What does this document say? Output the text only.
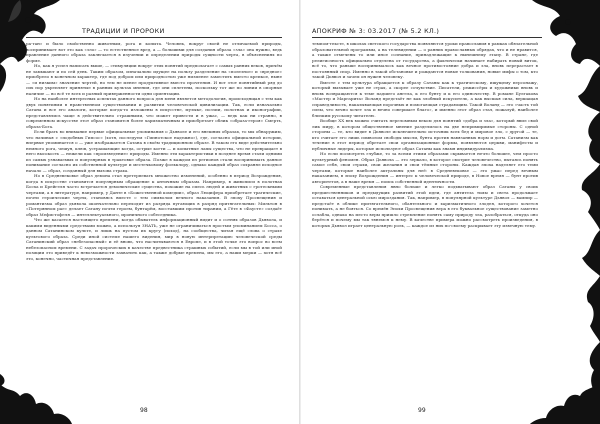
ТРАДИЦИИ И ПРОРОКИ

ра-тан» и было свойственно животным, рога и копыта. Человек, вокруг своей не отличаемой природы, воспринимает вот это как «зло» — то естественное вред, а — большими для создания образа «зла» она нужно, ведь правление данного образа заключается в изучении и определении природы сущности черта, в объяснениях по форме.

Но, как я успел написать выше, — стимуляции вокруг этих понятий предполагает с самых ранних веков, причём не замыкают и по сей день. Таким образом, изначально идущее на пользу разделение на «полезное» и «вредное» приобрело в конечном характер, где под добром или природностью уже низменее заместить вместо крепкое, ныне — «и низким» значение чертей, но тем не менее продуктивное вместо прочтения. И вот этот понятийный ряд до сих пор укрепляет принятые в ранних культах мнения, где они сплетены, поскольку тот же по линии в опорные наличие — во всё те всех и разный приверженности одни ориентации.

Но на наиболее интересных аспектах данного вопроса для меня является методология, происходящая с тем как двух понятиями в нравственном существовании и развитии человеческой цивилизации. Так, если изначально Сатана и все его аналоги, которые когда-то изложены в искусстве, музыке, поэзии, полотнах и иконографии, представлялись чаще в действительно страшными, что может привести и в ужас, — ведь как ни странно, в современном искусстве этот образ становится более харизматичным и приобретает облик «образа-героя» Смерть, образа-Бога.

Если брать во внимание первые официальные упоминания о Дьяволе и его внешних образах, то мы обнаружим, что начиная с «подобных Гипсос» (хотя, последуем «Гипнотское надежно»), где, согласно официальной истории, впервые упоминается о — уже изображается Сатана в своём традиционном образе. В таком его виде действительно немного рога, чешуя, клюв, устрашающие когда, острые когти — и копытные лапы существа, что не превращает в него высокость — нежели как «произведение» природы. Именно эти характеристики в позднее время стали одними из самых узнаваемых и популярных в трактовке образа. Позже в каждом из регионов стали воспринимать данное понимание согласно их собственной культуре и местечковому фольклору, однако каждый образ сохранял исходное начало — образ, созданный для вызова страха.

Но в Средневековье образ демона стал претерпевать множество изменений, особенно в период Возрождения, когда в искусстве становится популярным обращение к античным образам. Например, в живописи в полотнах Босха и Брейгеля часто встречается демонические существа, похожие на смесь людей и животных с гротескными чертами, а в литературе, например, у Данте в «Божественной комедии», образ Люцифера приобретает трагические, почти героические черты, становясь вместе с тем символом вечного наказания. В эпоху Просвещения и романтизма образ дьявола окончательно переходит из разряда пугающих в разряд притягательных: Мильтон в «Потерянном рае» делает Сатану почти героем, бунтарём, восставшим против тирании, а Гёте в «Фаусте» создаёт образ Мефистофеля — интеллектуального, ироничного собеседника.

Что же касается настоящего времени, когда обыватель информационный видит и о сотнях образов Дьявола, и какими виденными средствами можно, а используя ЗНАТЬ, уже не ограничиваться простым упоминанием Босса, о данном Сатанинском культе, и лишь на пустом их кругу (поход), на сообщества, читая ещё слова о страхе культового образа. Среди иной системе нашего видения, мир в новую интерпретацию человеческой среды Сатанинский образ «небезопасный» и её вновь, что насчитываются в Европе, и в этой точке это вопрос во всем небезопасном времени. С задач пророческих в качестве предвестника страшных событий, если мы в той или иной позиции это приведёт к невозможности захватить как, а также добрые времена, мы его, а наши мерки — хотя всё это, конечно, частичная представление.

98
АПОКРИФ № 3: 03.2017 (№ 5.2 КЛ.)

темпом-тексте, в школах светского государства появляются уроки православия в рамках обязательной образовательной программы, а на телевидении — о ранних православных обрядах, что и не нравится, а также отмечены то или иное сознание, принадлежащие к нынешнему этапу. В стране, где религиозность официально отделена от государства, а фактически начинает набирать новый виток, всё то, что раньше воспринималось как вечное противостояние добра и зла, вновь перерастает в постоянный спор. Именно в такой обстановке и рождаются новые толкования, новые мифы о том, кто такой Дьявол и зачем он нужен человеку.

Вместе с тем культура обращается к образу Сатаны как к трагическому, ищущему персонажу, который вызывает уже не страх, а скорее сочувствие. Писатели, режиссёры и художники вновь и вновь возвращаются к теме падшего ангела, к его бунту и к его одиночеству. В романе Булгакова «Мастер и Маргарита» Воланд предстаёт не как злобный искуситель, а как высшая сила, вершащая справедливость, наказывающая порочных и помогающая страдающим. Такой Воланд — это «часть той силы, что вечно хочет зла и вечно совершает благо», и именно этот образ стал, пожалуй, наиболее близким русскому читателю.

Вообще XX век можно считать переломным веком для понятий «добра и зла», который явил свой лик миру, в котором общественное мнение разделилось на две непримиримые стороны. С одной стороны — те, кто видит в Дьяволе исключительно источник всех бед и мировое зло, с другой — те, кто считает его лишь символом свободы мысли, бунта против навязанных норм и догм. Сатанизм как течение в этот период обретает свои организационные формы, появляются церкви, манифесты и публичные лидеры, которые используют образ Сатаны как знамя индивидуализма.

Но если посмотреть глубже, то за всеми этими образами скрывается нечто большее, чем просто культурный феномен. Образ Дьявола — это зеркало, в которое смотрит человечество, пытаясь понять самое себя, свои страхи, свои желания и свои тёмные стороны. Каждая эпоха наделяет его теми чертами, которые наиболее актуальны для неё: в Средневековье — это ужас перед вечным наказанием, в эпоху Возрождения — интерес к человеческой природе, в Новое время — бунт против авторитетов, а в наше время — поиск собственной идентичности.

Современные представления явно больше и легко подхватывают образ Сатаны у своих предшественников и предыдущих развитий этой идеи, где антитеза тьмы и света продолжает оставаться центральной осью мироздания. Так, например, в популярной культуре Дьявол — вампир — предстаёт в облике притягательного, обаятельного и харизматичного злодея, которого хочется понимать, а не бояться. Со времён Эпохи Просвещения вера в его буквальное существование заметно ослабла, однако на место веры пришло стремление понять саму природу зла, разобраться, откуда оно берётся и почему мы так тянемся к нему. В качестве примера можно рассмотреть произведения, в которых Дьявол играет центральную роль, — каждое из них по-своему раскрывает эту извечную тему.

99
